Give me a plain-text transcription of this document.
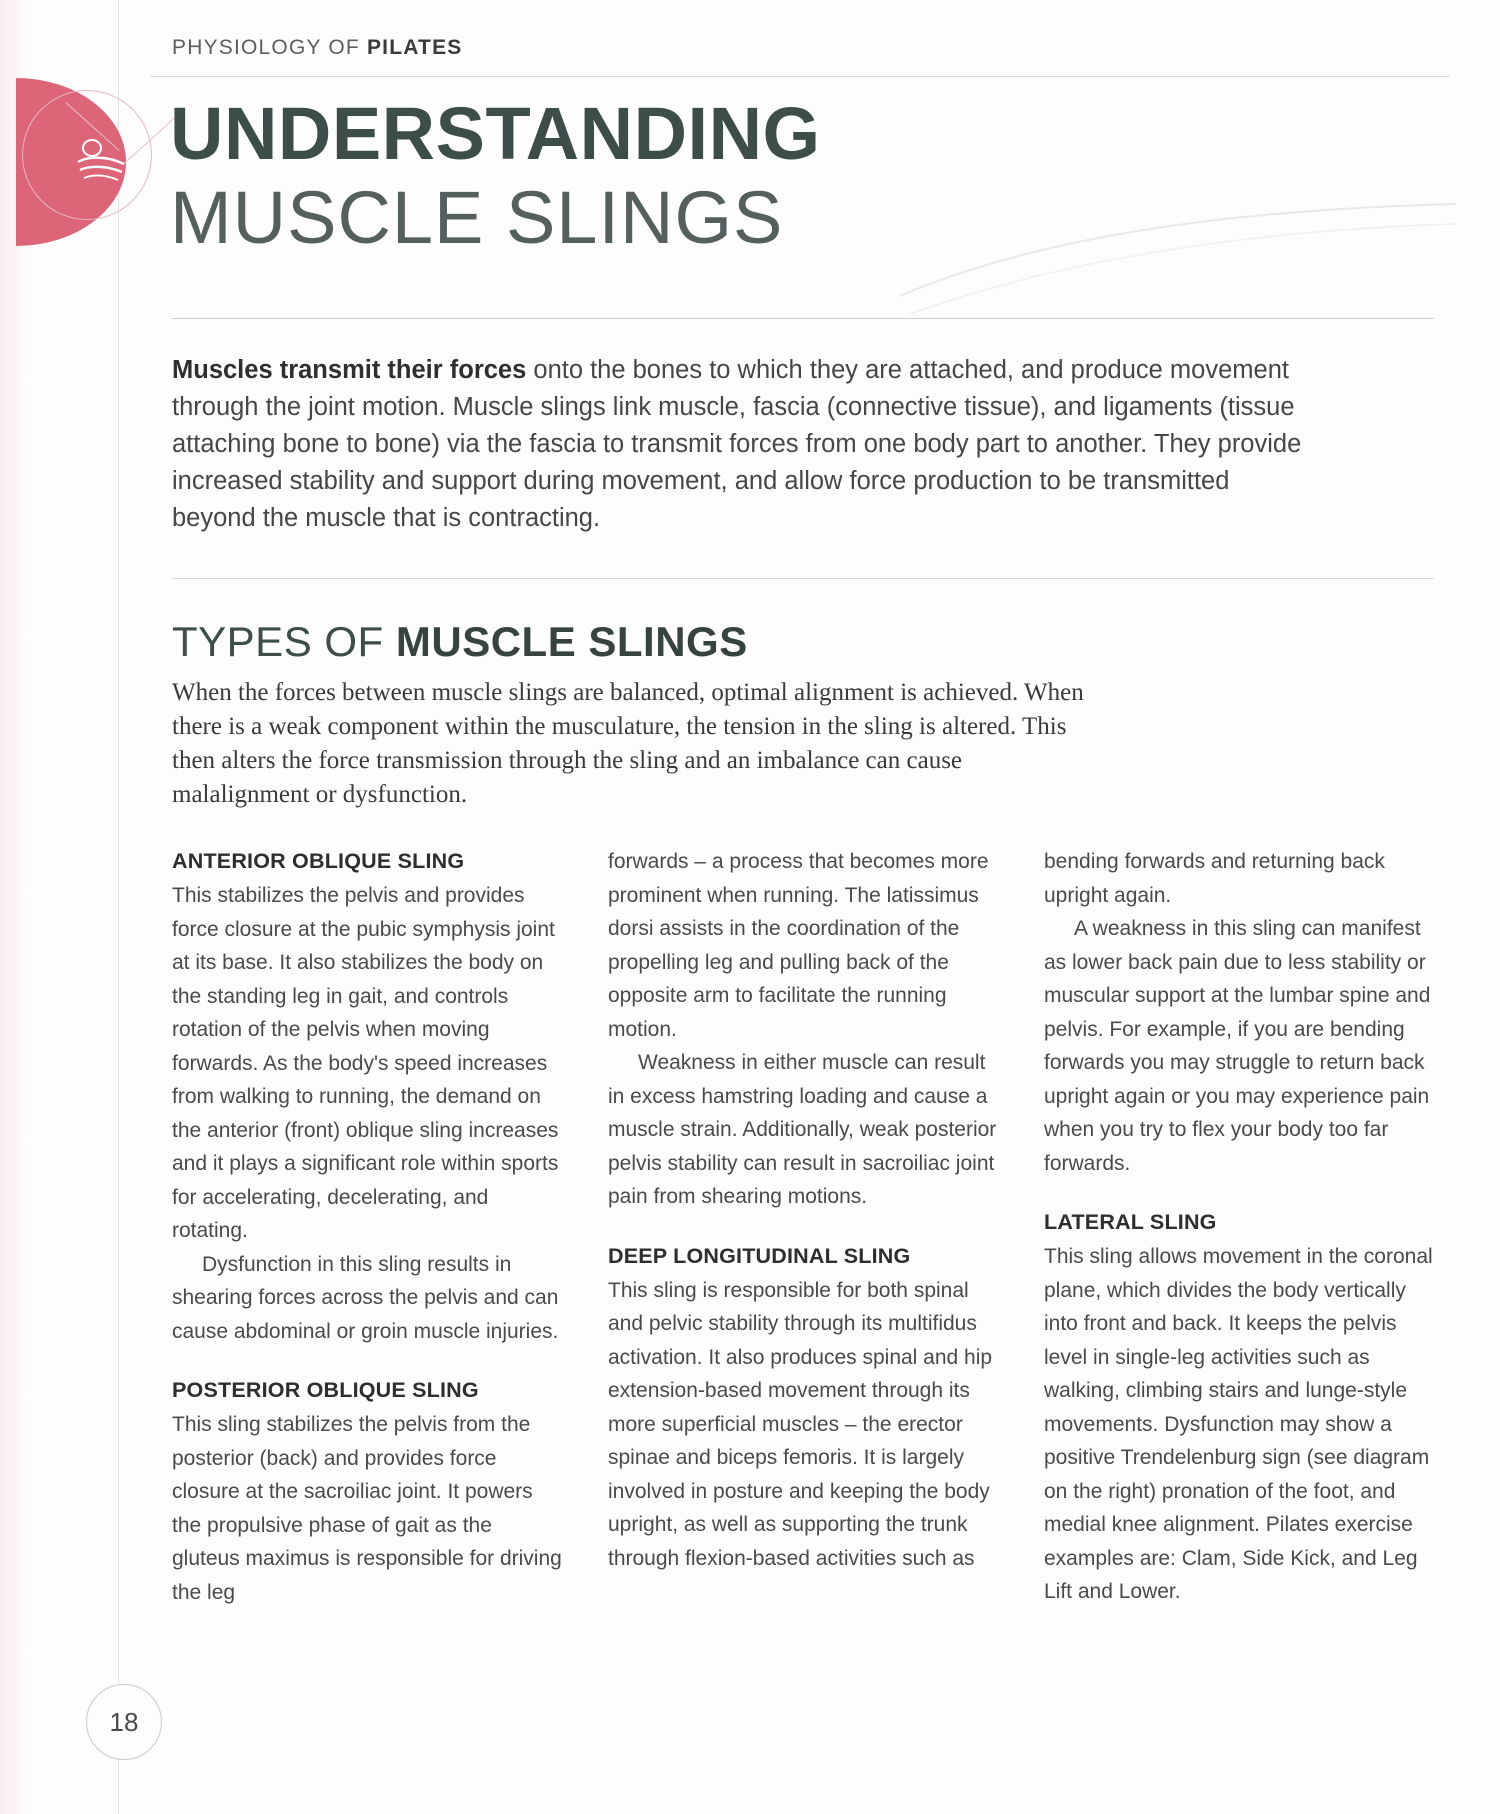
PHYSIOLOGY OF PILATES
UNDERSTANDING
MUSCLE SLINGS
Muscles transmit their forces onto the bones to which they are attached, and produce movement through the joint motion. Muscle slings link muscle, fascia (connective tissue), and ligaments (tissue attaching bone to bone) via the fascia to transmit forces from one body part to another. They provide increased stability and support during movement, and allow force production to be transmitted beyond the muscle that is contracting.
TYPES OF MUSCLE SLINGS
When the forces between muscle slings are balanced, optimal alignment is achieved. When there is a weak component within the musculature, the tension in the sling is altered. This then alters the force transmission through the sling and an imbalance can cause malalignment or dysfunction.
ANTERIOR OBLIQUE SLING

This stabilizes the pelvis and provides force closure at the pubic symphysis joint at its base. It also stabilizes the body on the standing leg in gait, and controls rotation of the pelvis when moving forwards. As the body's speed increases from walking to running, the demand on the anterior (front) oblique sling increases and it plays a significant role within sports for accelerating, decelerating, and rotating.

Dysfunction in this sling results in shearing forces across the pelvis and can cause abdominal or groin muscle injuries.

POSTERIOR OBLIQUE SLING

This sling stabilizes the pelvis from the posterior (back) and provides force closure at the sacroiliac joint. It powers the propulsive phase of gait as the gluteus maximus is responsible for driving the leg

forwards – a process that becomes more prominent when running. The latissimus dorsi assists in the coordination of the propelling leg and pulling back of the opposite arm to facilitate the running motion.

Weakness in either muscle can result in excess hamstring loading and cause a muscle strain. Additionally, weak posterior pelvis stability can result in sacroiliac joint pain from shearing motions.

DEEP LONGITUDINAL SLING

This sling is responsible for both spinal and pelvic stability through its multifidus activation. It also produces spinal and hip extension-based movement through its more superficial muscles – the erector spinae and biceps femoris. It is largely involved in posture and keeping the body upright, as well as supporting the trunk through flexion-based activities such as

bending forwards and returning back upright again.

A weakness in this sling can manifest as lower back pain due to less stability or muscular support at the lumbar spine and pelvis. For example, if you are bending forwards you may struggle to return back upright again or you may experience pain when you try to flex your body too far forwards.

LATERAL SLING

This sling allows movement in the coronal plane, which divides the body vertically into front and back. It keeps the pelvis level in single-leg activities such as walking, climbing stairs and lunge-style movements. Dysfunction may show a positive Trendelenburg sign (see diagram on the right) pronation of the foot, and medial knee alignment. Pilates exercise examples are: Clam, Side Kick, and Leg Lift and Lower.

18
